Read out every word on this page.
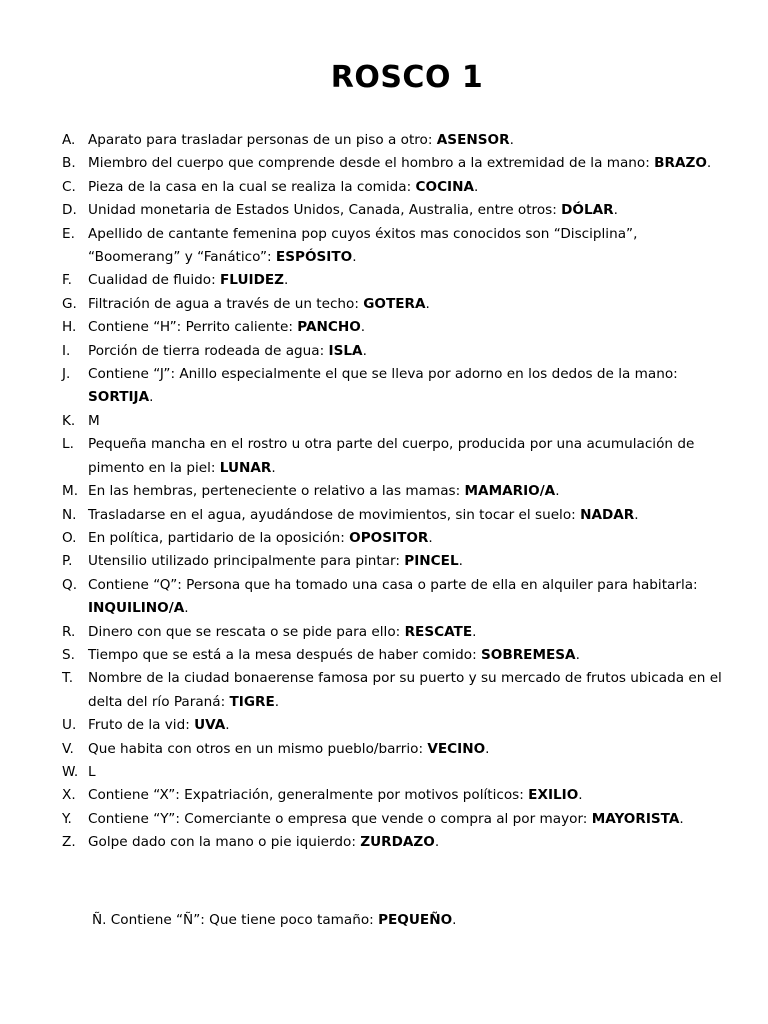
ROSCO 1
A. Aparato para trasladar personas de un piso a otro: ASENSOR.
B. Miembro del cuerpo que comprende desde el hombro a la extremidad de la mano: BRAZO.
C. Pieza de la casa en la cual se realiza la comida: COCINA.
D. Unidad monetaria de Estados Unidos, Canada, Australia, entre otros: DÓLAR.
E. Apellido de cantante femenina pop cuyos éxitos mas conocidos son “Disciplina”, “Boomerang” y “Fanático”: ESPÓSITO.
F. Cualidad de fluido: FLUIDEZ.
G. Filtración de agua a través de un techo: GOTERA.
H. Contiene “H”: Perrito caliente: PANCHO.
I. Porción de tierra rodeada de agua: ISLA.
J. Contiene “J”: Anillo especialmente el que se lleva por adorno en los dedos de la mano: SORTIJA.
K. M
L. Pequeña mancha en el rostro u otra parte del cuerpo, producida por una acumulación de pimento en la piel: LUNAR.
M. En las hembras, perteneciente o relativo a las mamas: MAMARIO/A.
N. Trasladarse en el agua, ayudándose de movimientos, sin tocar el suelo: NADAR.
O. En política, partidario de la oposición: OPOSITOR.
P. Utensilio utilizado principalmente para pintar: PINCEL.
Q. Contiene “Q”: Persona que ha tomado una casa o parte de ella en alquiler para habitarla: INQUILINO/A.
R. Dinero con que se rescata o se pide para ello: RESCATE.
S. Tiempo que se está a la mesa después de haber comido: SOBREMESA.
T. Nombre de la ciudad bonaerense famosa por su puerto y su mercado de frutos ubicada en el delta del río Paraná: TIGRE.
U. Fruto de la vid: UVA.
V. Que habita con otros en un mismo pueblo/barrio: VECINO.
W. L
X. Contiene “X”: Expatriación, generalmente por motivos políticos: EXILIO.
Y. Contiene “Y”: Comerciante o empresa que vende o compra al por mayor: MAYORISTA.
Z. Golpe dado con la mano o pie iquierdo: ZURDAZO.
Ñ. Contiene “Ñ”: Que tiene poco tamaño: PEQUEÑO.
